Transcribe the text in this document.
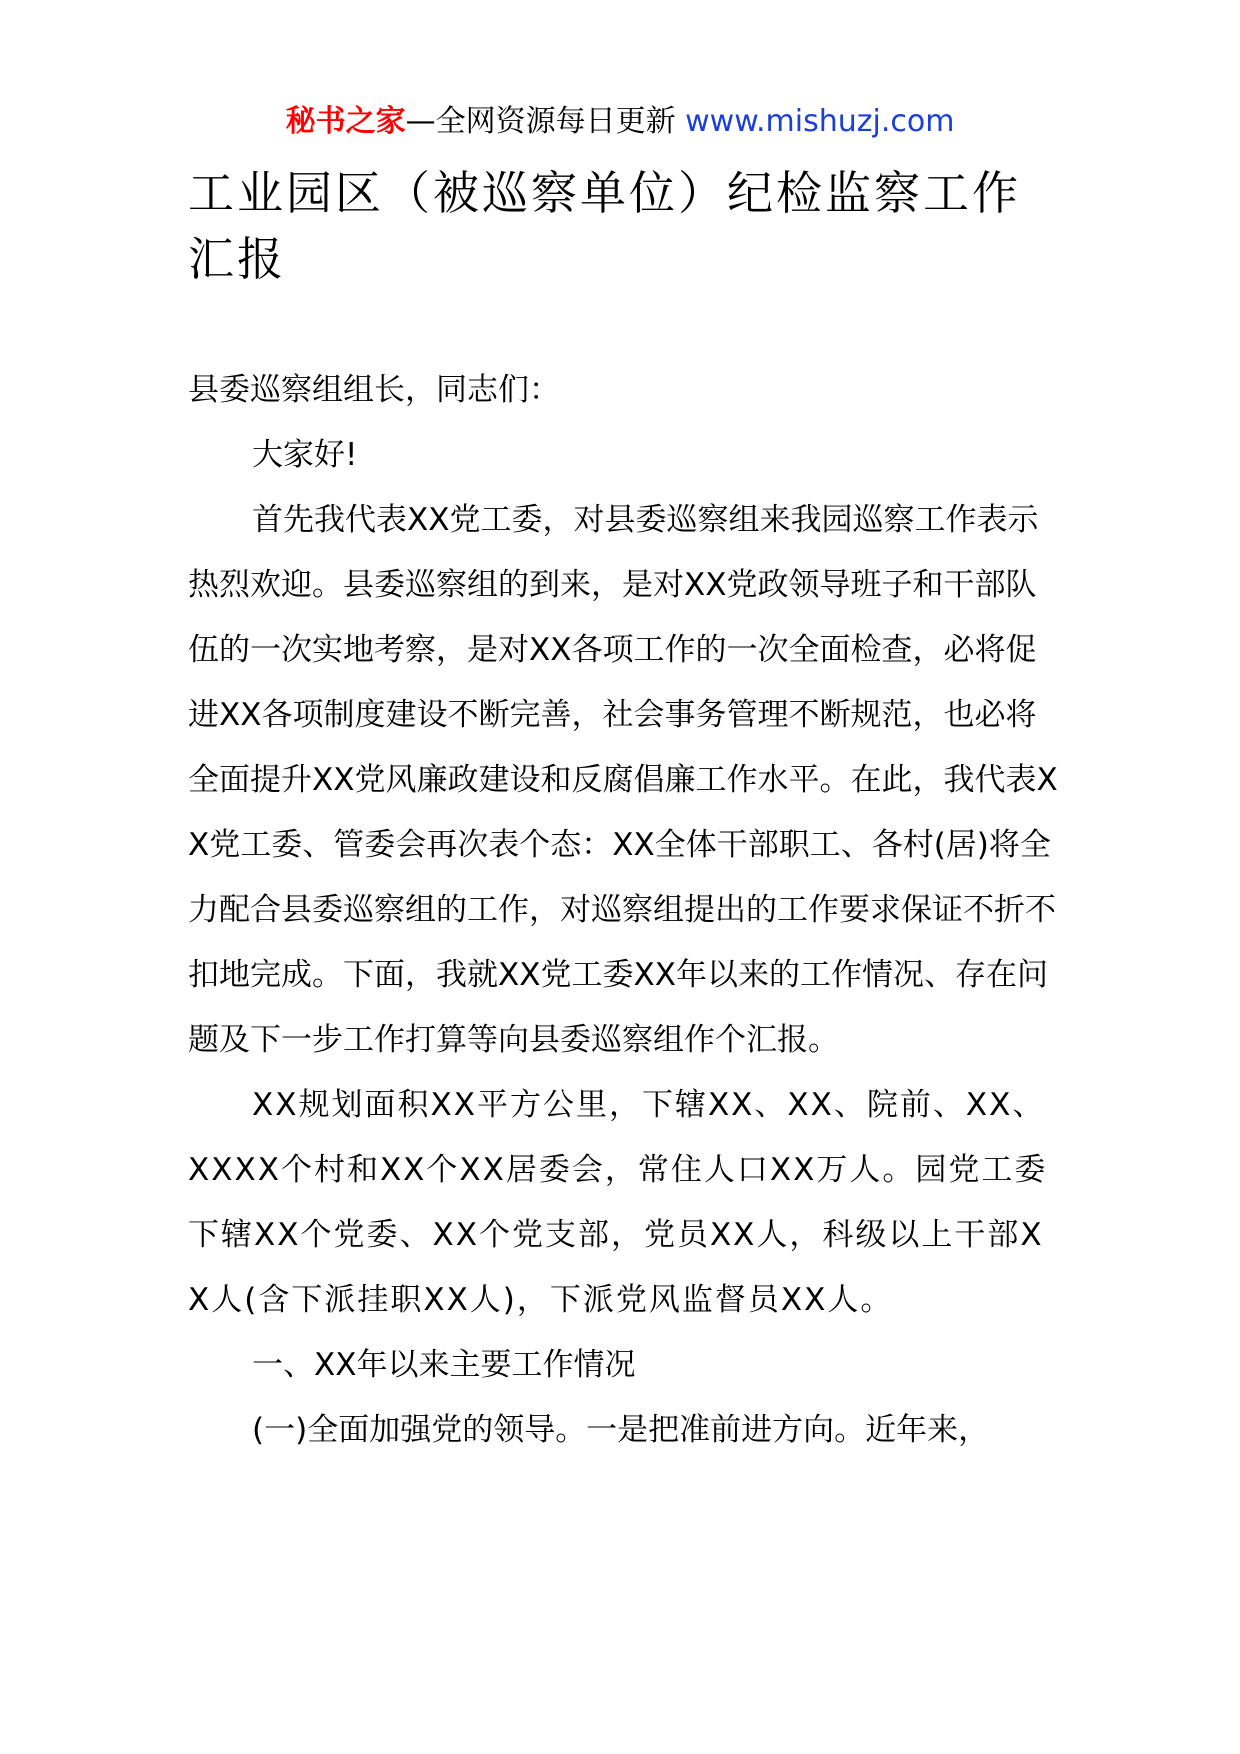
秘书之家—全网资源每日更新 www.mishuzj.com
工业园区（被巡察单位）纪检监察工作汇报

县委巡察组组长，同志们：

大家好!

首先我代表XX党工委，对县委巡察组来我园巡察工作表示热烈欢迎。县委巡察组的到来，是对XX党政领导班子和干部队伍的一次实地考察，是对XX各项工作的一次全面检查，必将促进XX各项制度建设不断完善，社会事务管理不断规范，也必将全面提升XX党风廉政建设和反腐倡廉工作水平。在此，我代表XX党工委、管委会再次表个态：XX全体干部职工、各村(居)将全力配合县委巡察组的工作，对巡察组提出的工作要求保证不折不扣地完成。下面，我就XX党工委XX年以来的工作情况、存在问题及下一步工作打算等向县委巡察组作个汇报。

XX规划面积XX平方公里，下辖XX、XX、院前、XX、XXXX个村和XX个XX居委会，常住人口XX万人。园党工委下辖XX个党委、XX个党支部，党员XX人，科级以上干部XX人(含下派挂职XX人)，下派党风监督员XX人。

一、XX年以来主要工作情况

(一)全面加强党的领导。一是把准前进方向。近年来，
